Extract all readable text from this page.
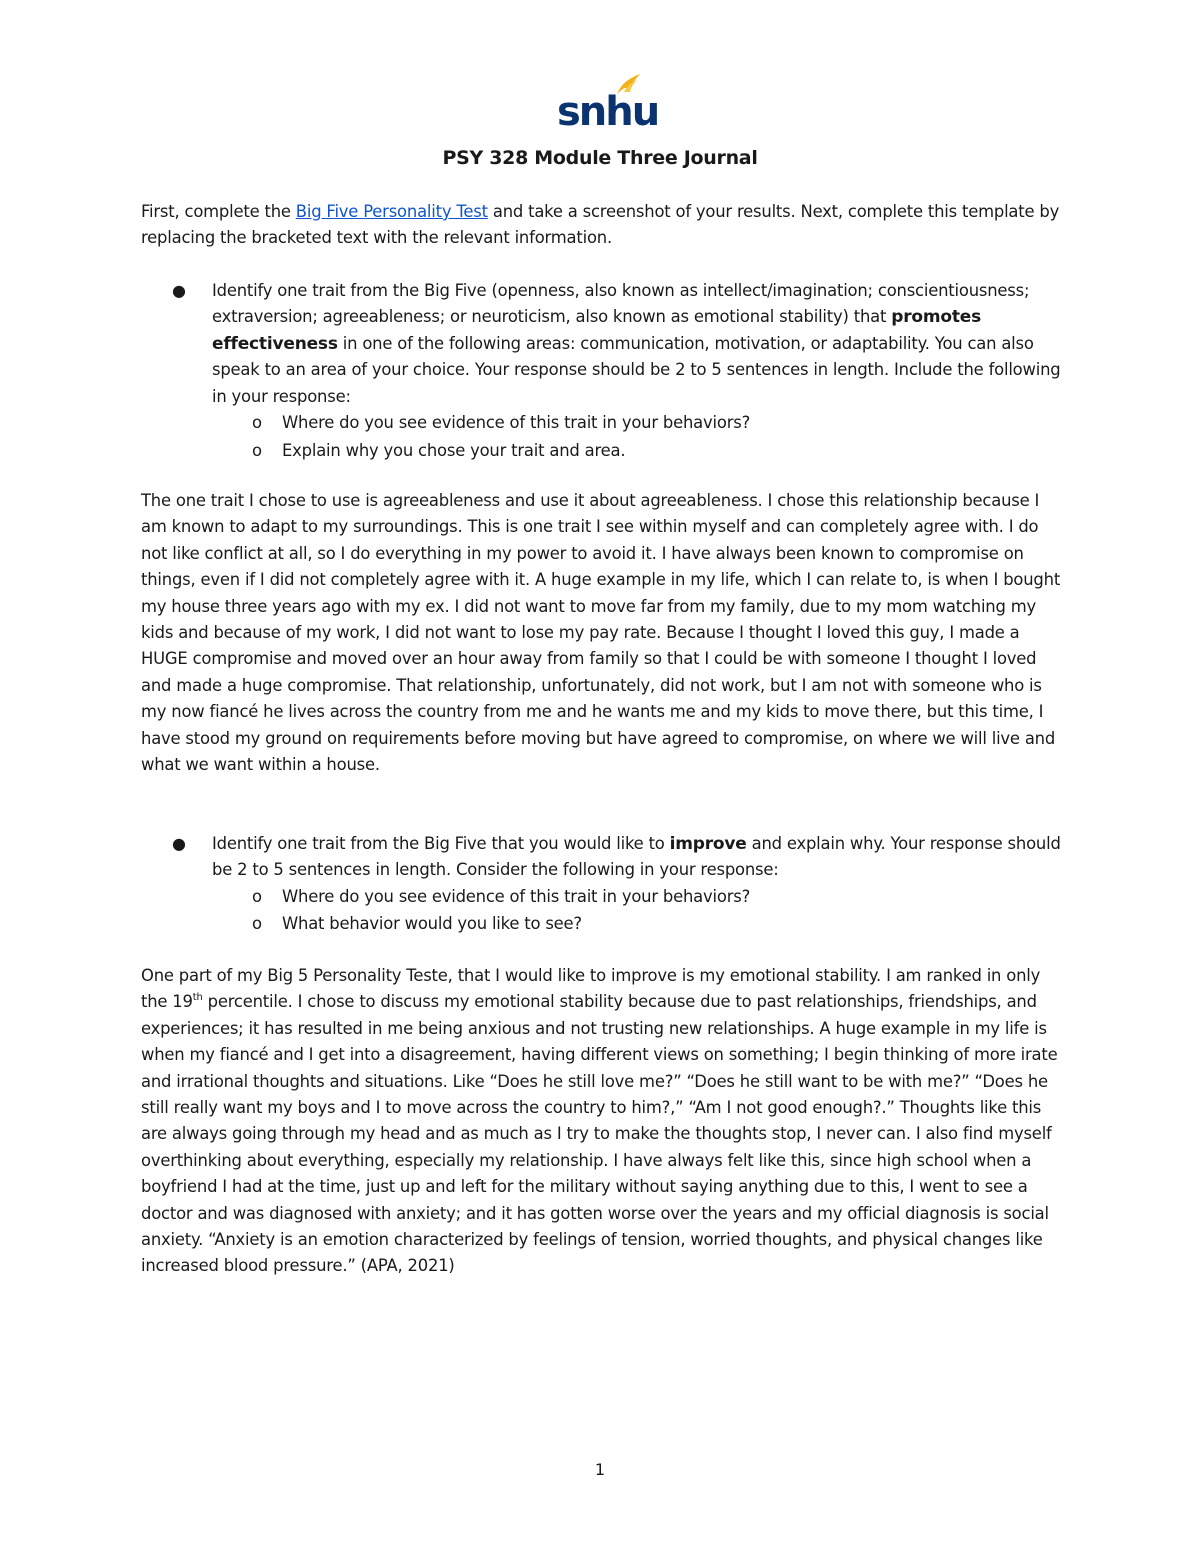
snhu
PSY 328 Module Three Journal

First, complete the Big Five Personality Test and take a screenshot of your results. Next, complete this template by replacing the bracketed text with the relevant information.

● Identify one trait from the Big Five (openness, also known as intellect/imagination; conscientiousness; extraversion; agreeableness; or neuroticism, also known as emotional stability) that promotes effectiveness in one of the following areas: communication, motivation, or adaptability. You can also speak to an area of your choice. Your response should be 2 to 5 sentences in length. Include the following in your response:
o Where do you see evidence of this trait in your behaviors?
o Explain why you chose your trait and area.

The one trait I chose to use is agreeableness and use it about agreeableness. I chose this relationship because I am known to adapt to my surroundings. This is one trait I see within myself and can completely agree with. I do not like conflict at all, so I do everything in my power to avoid it. I have always been known to compromise on things, even if I did not completely agree with it. A huge example in my life, which I can relate to, is when I bought my house three years ago with my ex. I did not want to move far from my family, due to my mom watching my kids and because of my work, I did not want to lose my pay rate. Because I thought I loved this guy, I made a HUGE compromise and moved over an hour away from family so that I could be with someone I thought I loved and made a huge compromise. That relationship, unfortunately, did not work, but I am not with someone who is my now fiancé he lives across the country from me and he wants me and my kids to move there, but this time, I have stood my ground on requirements before moving but have agreed to compromise, on where we will live and what we want within a house.

● Identify one trait from the Big Five that you would like to improve and explain why. Your response should be 2 to 5 sentences in length. Consider the following in your response:
o Where do you see evidence of this trait in your behaviors?
o What behavior would you like to see?

One part of my Big 5 Personality Teste, that I would like to improve is my emotional stability. I am ranked in only the 19th percentile. I chose to discuss my emotional stability because due to past relationships, friendships, and experiences; it has resulted in me being anxious and not trusting new relationships. A huge example in my life is when my fiancé and I get into a disagreement, having different views on something; I begin thinking of more irate and irrational thoughts and situations. Like “Does he still love me?” “Does he still want to be with me?” “Does he still really want my boys and I to move across the country to him?,” “Am I not good enough?.” Thoughts like this are always going through my head and as much as I try to make the thoughts stop, I never can. I also find myself overthinking about everything, especially my relationship. I have always felt like this, since high school when a boyfriend I had at the time, just up and left for the military without saying anything due to this, I went to see a doctor and was diagnosed with anxiety; and it has gotten worse over the years and my official diagnosis is social anxiety. “Anxiety is an emotion characterized by feelings of tension, worried thoughts, and physical changes like increased blood pressure.” (APA, 2021)

1
